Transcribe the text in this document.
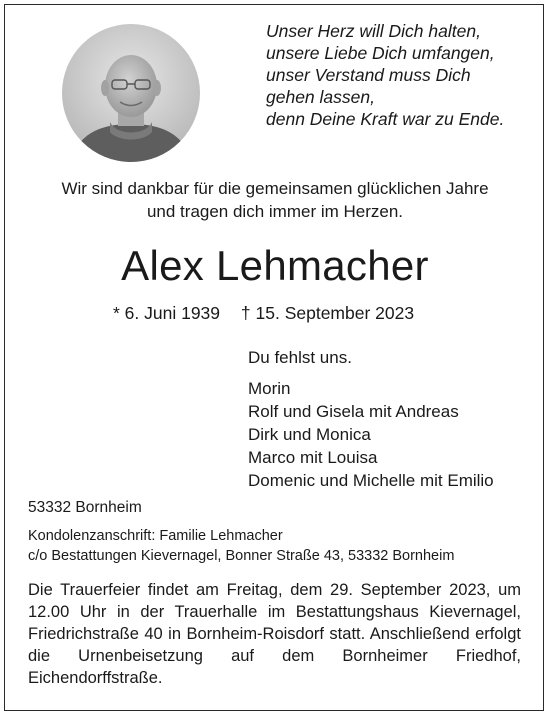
Unser Herz will Dich halten,
unsere Liebe Dich umfangen,
unser Verstand muss Dich
gehen lassen,
denn Deine Kraft war zu Ende.
Wir sind dankbar für die gemeinsamen glücklichen Jahre
und tragen dich immer im Herzen.
Alex Lehmacher
* 6. Juni 1939 † 15. September 2023
Du fehlst uns.
Morin
Rolf und Gisela mit Andreas
Dirk und Monica
Marco mit Louisa
Domenic und Michelle mit Emilio
53332 Bornheim
Kondolenzanschrift: Familie Lehmacher
c/o Bestattungen Kievernagel, Bonner Straße 43, 53332 Bornheim
Die Trauerfeier findet am Freitag, dem 29. September 2023, um 12.00 Uhr in der Trauerhalle im Bestattungshaus Kievernagel, Friedrichstraße 40 in Bornheim-Roisdorf statt. Anschließend erfolgt die Urnenbeisetzung auf dem Bornheimer Friedhof, Eichendorffstraße.
